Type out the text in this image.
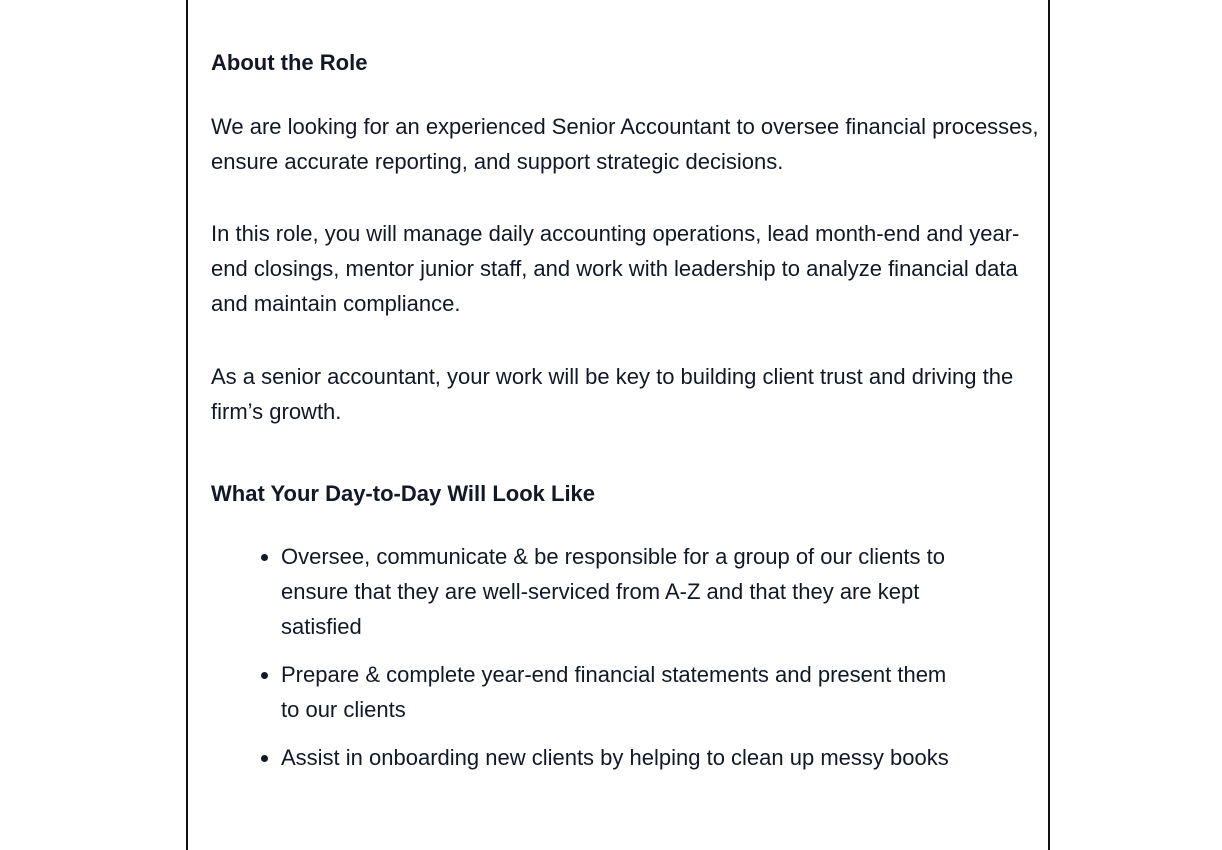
About the Role

We are looking for an experienced Senior Accountant to oversee financial processes, ensure accurate reporting, and support strategic decisions.

In this role, you will manage daily accounting operations, lead month-end and year-end closings, mentor junior staff, and work with leadership to analyze financial data and maintain compliance.

As a senior accountant, your work will be key to building client trust and driving the firm’s growth.

What Your Day-to-Day Will Look Like
• Oversee, communicate & be responsible for a group of our clients to ensure that they are well-serviced from A-Z and that they are kept satisfied
• Prepare & complete year-end financial statements and present them to our clients
• Assist in onboarding new clients by helping to clean up messy books
